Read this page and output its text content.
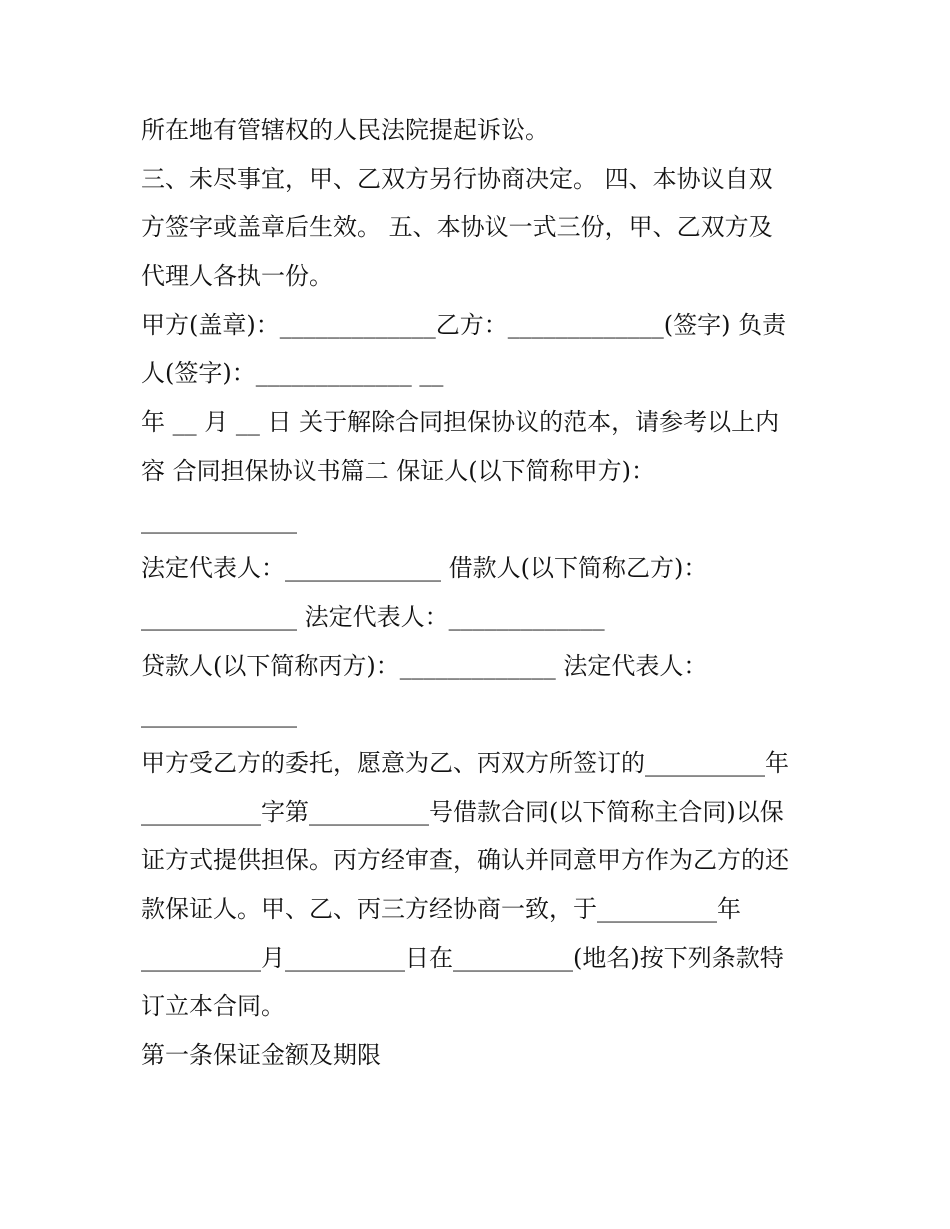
所在地有管辖权的人民法院提起诉讼。
三、未尽事宜，甲、乙双方另行协商决定。 四、本协议自双
方签字或盖章后生效。 五、本协议一式三份，甲、乙双方及
代理人各执一份。
甲方(盖章)：_____________乙方：_____________(签字) 负责
人(签字)：_____________ __
年 __ 月 __ 日 关于解除合同担保协议的范本，请参考以上内
容 合同担保协议书篇二 保证人(以下简称甲方)：
_____________
法定代表人：_____________ 借款人(以下简称乙方)：
_____________ 法定代表人：_____________
贷款人(以下简称丙方)：_____________ 法定代表人：
_____________
甲方受乙方的委托，愿意为乙、丙双方所签订的__________年
__________字第__________号借款合同(以下简称主合同)以保
证方式提供担保。丙方经审查，确认并同意甲方作为乙方的还
款保证人。甲、乙、丙三方经协商一致，于__________年
__________月__________日在__________(地名)按下列条款特
订立本合同。
第一条保证金额及期限
